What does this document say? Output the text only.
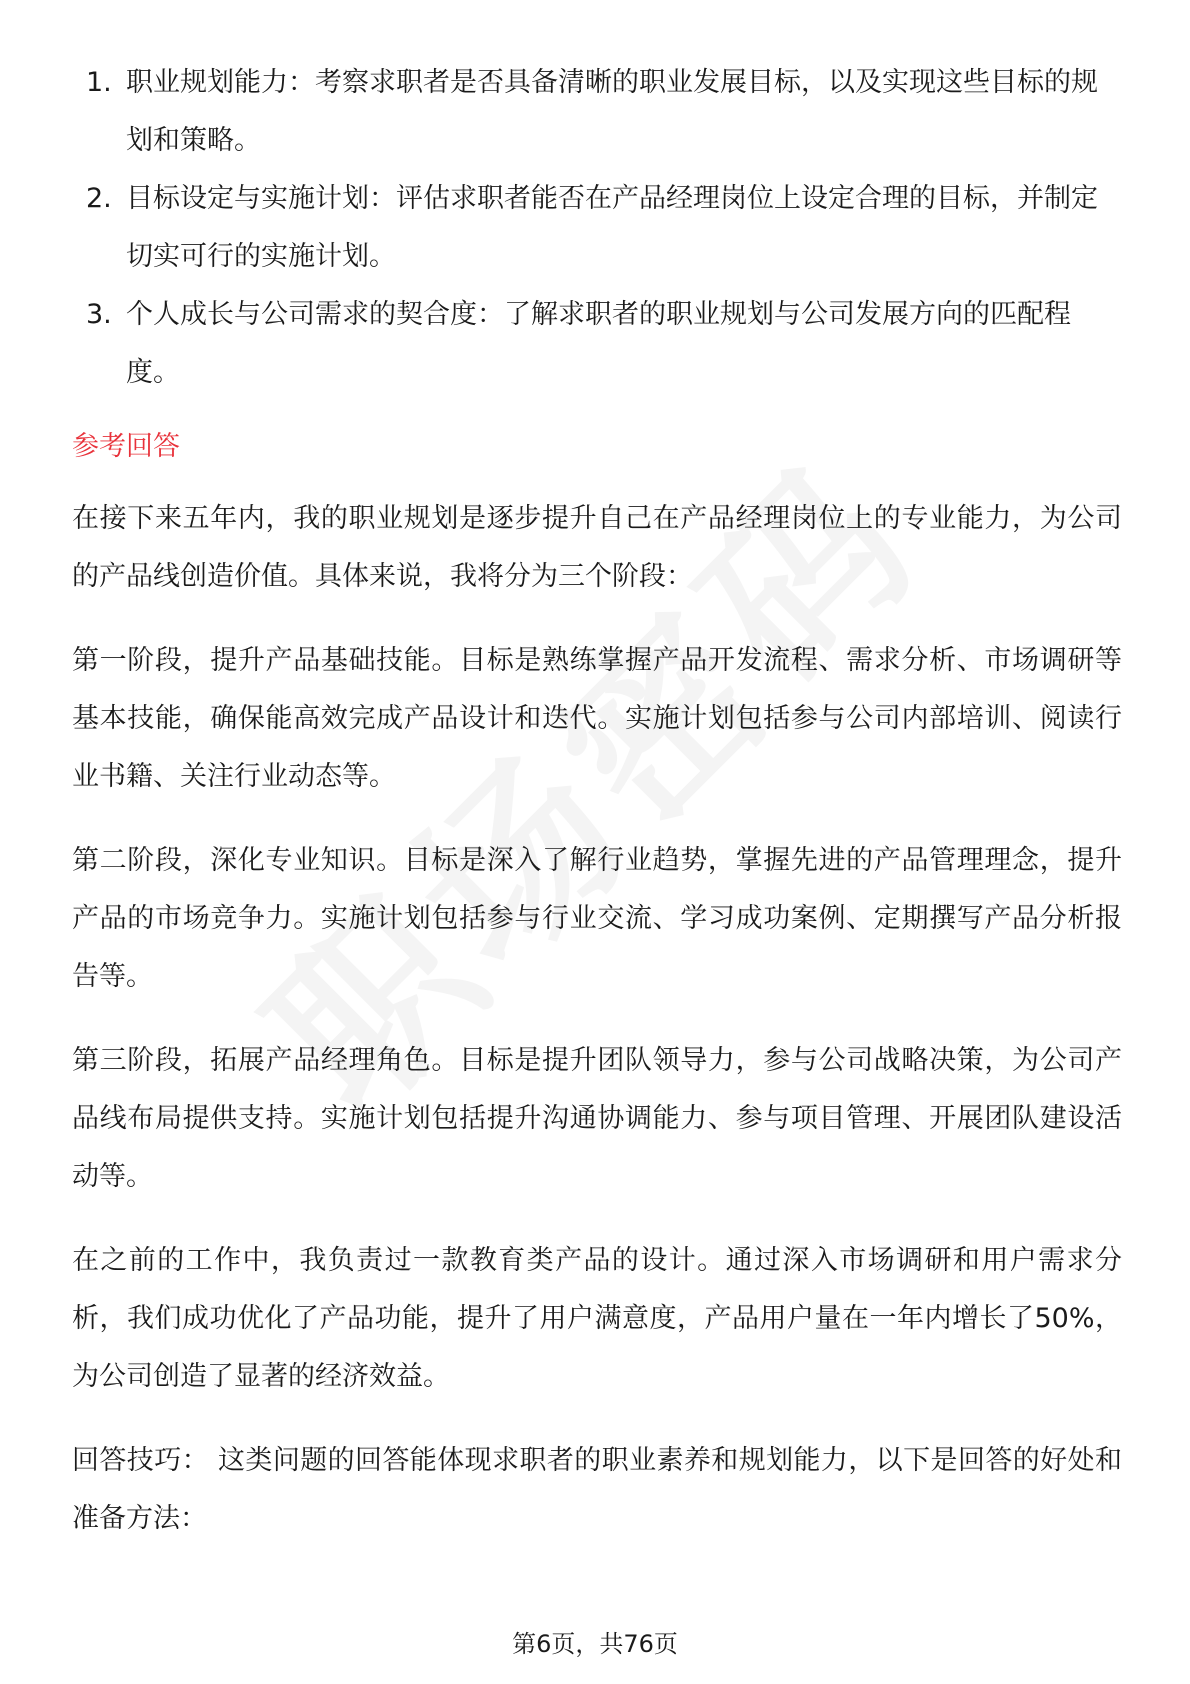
1. 职业规划能力：考察求职者是否具备清晰的职业发展目标，以及实现这些目标的规划和策略。
2. 目标设定与实施计划：评估求职者能否在产品经理岗位上设定合理的目标，并制定切实可行的实施计划。
3. 个人成长与公司需求的契合度：了解求职者的职业规划与公司发展方向的匹配程度。
参考回答

在接下来五年内，我的职业规划是逐步提升自己在产品经理岗位上的专业能力，为公司的产品线创造价值。具体来说，我将分为三个阶段：

第一阶段，提升产品基础技能。目标是熟练掌握产品开发流程、需求分析、市场调研等基本技能，确保能高效完成产品设计和迭代。实施计划包括参与公司内部培训、阅读行业书籍、关注行业动态等。

第二阶段，深化专业知识。目标是深入了解行业趋势，掌握先进的产品管理理念，提升产品的市场竞争力。实施计划包括参与行业交流、学习成功案例、定期撰写产品分析报告等。

第三阶段，拓展产品经理角色。目标是提升团队领导力，参与公司战略决策，为公司产品线布局提供支持。实施计划包括提升沟通协调能力、参与项目管理、开展团队建设活动等。

在之前的工作中，我负责过一款教育类产品的设计。通过深入市场调研和用户需求分析，我们成功优化了产品功能，提升了用户满意度，产品用户量在一年内增长了50%，为公司创造了显著的经济效益。

回答技巧： 这类问题的回答能体现求职者的职业素养和规划能力，以下是回答的好处和准备方法：

第6页，共76页
